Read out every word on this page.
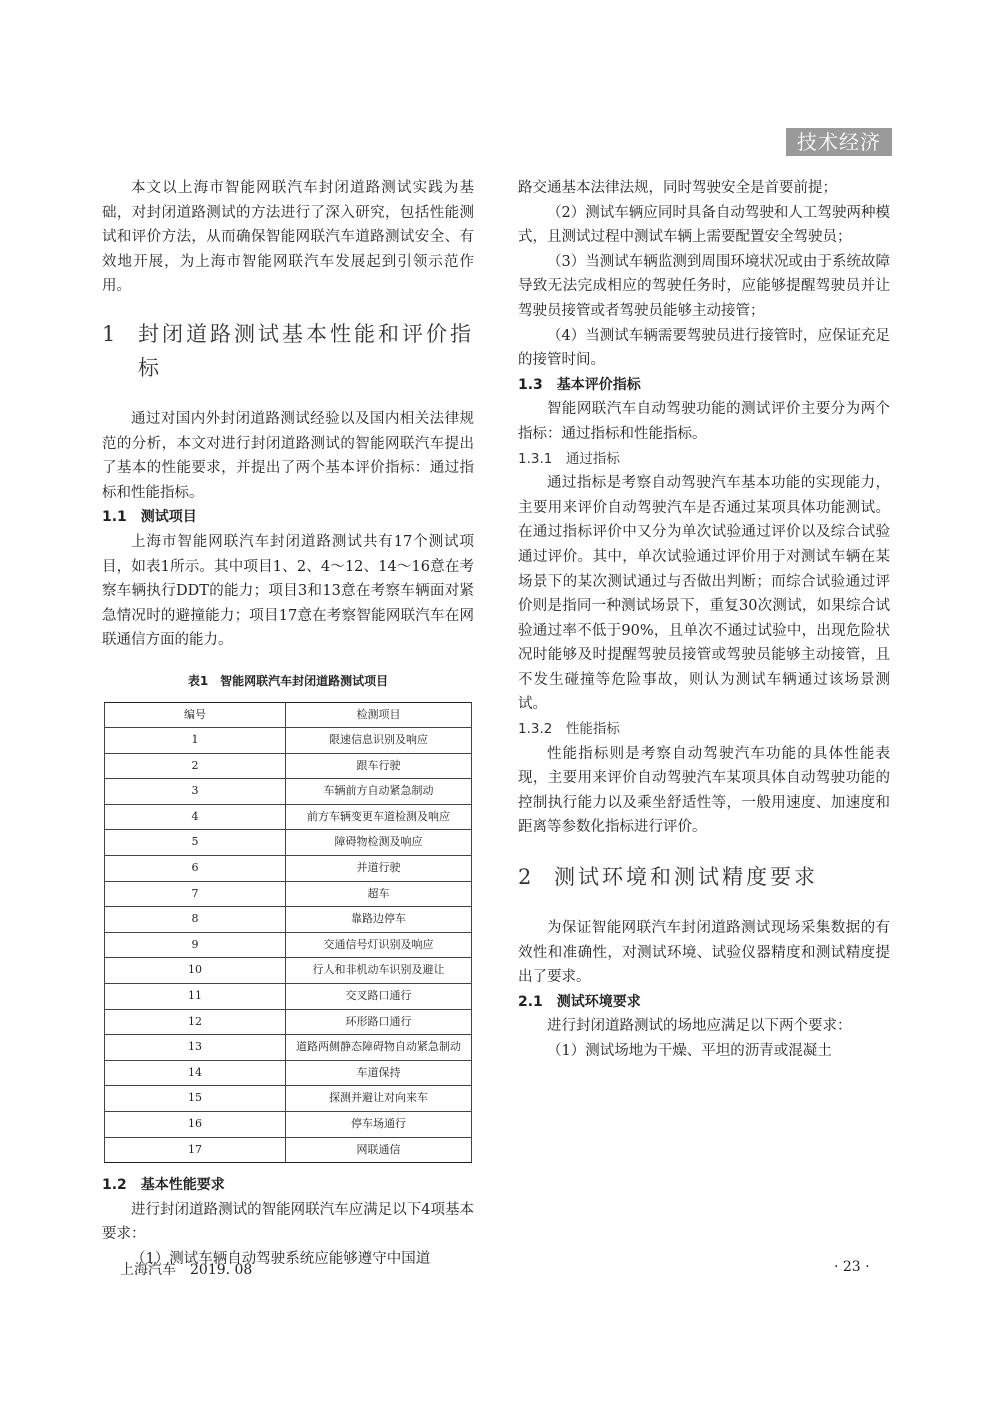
技术经济

本文以上海市智能网联汽车封闭道路测试实践为基础，对封闭道路测试的方法进行了深入研究，包括性能测试和评价方法，从而确保智能网联汽车道路测试安全、有效地开展，为上海市智能网联汽车发展起到引领示范作用。

1 封闭道路测试基本性能和评价指标

通过对国内外封闭道路测试经验以及国内相关法律规范的分析，本文对进行封闭道路测试的智能网联汽车提出了基本的性能要求，并提出了两个基本评价指标：通过指标和性能指标。

1.1　测试项目

上海市智能网联汽车封闭道路测试共有17个测试项目，如表1所示。其中项目1、2、4～12、14～16意在考察车辆执行DDT的能力；项目3和13意在考察车辆面对紧急情况时的避撞能力；项目17意在考察智能网联汽车在网联通信方面的能力。

表1　智能网联汽车封闭道路测试项目
编号	检测项目
1	限速信息识别及响应
2	跟车行驶
3	车辆前方自动紧急制动
4	前方车辆变更车道检测及响应
5	障碍物检测及响应
6	并道行驶
7	超车
8	靠路边停车
9	交通信号灯识别及响应
10	行人和非机动车识别及避让
11	交叉路口通行
12	环形路口通行
13	道路两侧静态障碍物自动紧急制动
14	车道保持
15	探测并避让对向来车
16	停车场通行
17	网联通信
1.2　基本性能要求

进行封闭道路测试的智能网联汽车应满足以下4项基本要求：

（1）测试车辆自动驾驶系统应能够遵守中国道

路交通基本法律法规，同时驾驶安全是首要前提；

（2）测试车辆应同时具备自动驾驶和人工驾驶两种模式，且测试过程中测试车辆上需要配置安全驾驶员；

（3）当测试车辆监测到周围环境状况或由于系统故障导致无法完成相应的驾驶任务时，应能够提醒驾驶员并让驾驶员接管或者驾驶员能够主动接管；

（4）当测试车辆需要驾驶员进行接管时，应保证充足的接管时间。

1.3　基本评价指标

智能网联汽车自动驾驶功能的测试评价主要分为两个指标：通过指标和性能指标。

1.3.1　通过指标

通过指标是考察自动驾驶汽车基本功能的实现能力，主要用来评价自动驾驶汽车是否通过某项具体功能测试。在通过指标评价中又分为单次试验通过评价以及综合试验通过评价。其中，单次试验通过评价用于对测试车辆在某场景下的某次测试通过与否做出判断；而综合试验通过评价则是指同一种测试场景下，重复30次测试，如果综合试验通过率不低于90%，且单次不通过试验中，出现危险状况时能够及时提醒驾驶员接管或驾驶员能够主动接管，且不发生碰撞等危险事故，则认为测试车辆通过该场景测试。

1.3.2　性能指标

性能指标则是考察自动驾驶汽车功能的具体性能表现，主要用来评价自动驾驶汽车某项具体自动驾驶功能的控制执行能力以及乘坐舒适性等，一般用速度、加速度和距离等参数化指标进行评价。

2 测试环境和测试精度要求

为保证智能网联汽车封闭道路测试现场采集数据的有效性和准确性，对测试环境、试验仪器精度和测试精度提出了要求。

2.1　测试环境要求

进行封闭道路测试的场地应满足以下两个要求：

（1）测试场地为干燥、平坦的沥青或混凝土

上海汽车　2019. 08	· 23 ·
